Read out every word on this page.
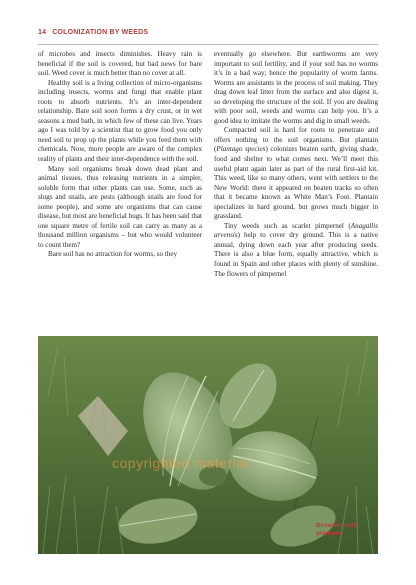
14 COLONIZATION BY WEEDS

of microbes and insects diminishes. Heavy rain is beneficial if the soil is covered, but bad news for bare soil. Weed cover is much better than no cover at all.

Healthy soil is a living collection of micro-organisms including insects, worms and fungi that enable plant roots to absorb nutrients. It’s an inter-dependent relationship. Bare soil soon forms a dry crust, or in wet seasons a mud bath, in which few of these can live. Years ago I was told by a scientist that to grow food you only need soil to prop up the plants while you feed them with chemicals. Now, more people are aware of the complex reality of plants and their inter-dependence with the soil.

Many soil organisms break down dead plant and animal tissues, thus releasing nutrients in a simpler, soluble form that other plants can use. Some, such as slugs and snails, are pests (although snails are food for some people), and some are organisms that can cause disease, but most are beneficial bugs. It has been said that one square metre of fertile soil can carry as many as a thousand million organisms – but who would volunteer to count them?

Bare soil has no attraction for worms, so they

eventually go elsewhere. But earthworms are very important to soil fertility, and if your soil has no worms it’s in a bad way; hence the popularity of worm farms. Worms are assistants in the process of soil making. They drag down leaf litter from the surface and also digest it, so developing the structure of the soil. If you are dealing with poor soil, weeds and worms can help you. It’s a good idea to imitate the worms and dig in small weeds.

Compacted soil is hard for roots to penetrate and offers nothing to the soil organisms. But plantain (Plantago species) colonizes beaten earth, giving shade, food and shelter to what comes next. We’ll meet this useful plant again later as part of the rural first-aid kit. This weed, like so many others, went with settlers to the New World: there it appeared on beaten tracks so often that it became known as White Man’s Foot. Plantain specializes in hard ground, but grows much bigger in grassland.

Tiny weeds such as scarlet pimpernel (Anagallis arvensis) help to cover dry ground. This is a native annual, dying down each year after producing seeds. There is also a blue form, equally attractive, which is found in Spain and other places with plenty of sunshine. The flowers of pimpernel

copyrighted material
Broadleaved
plantain.
